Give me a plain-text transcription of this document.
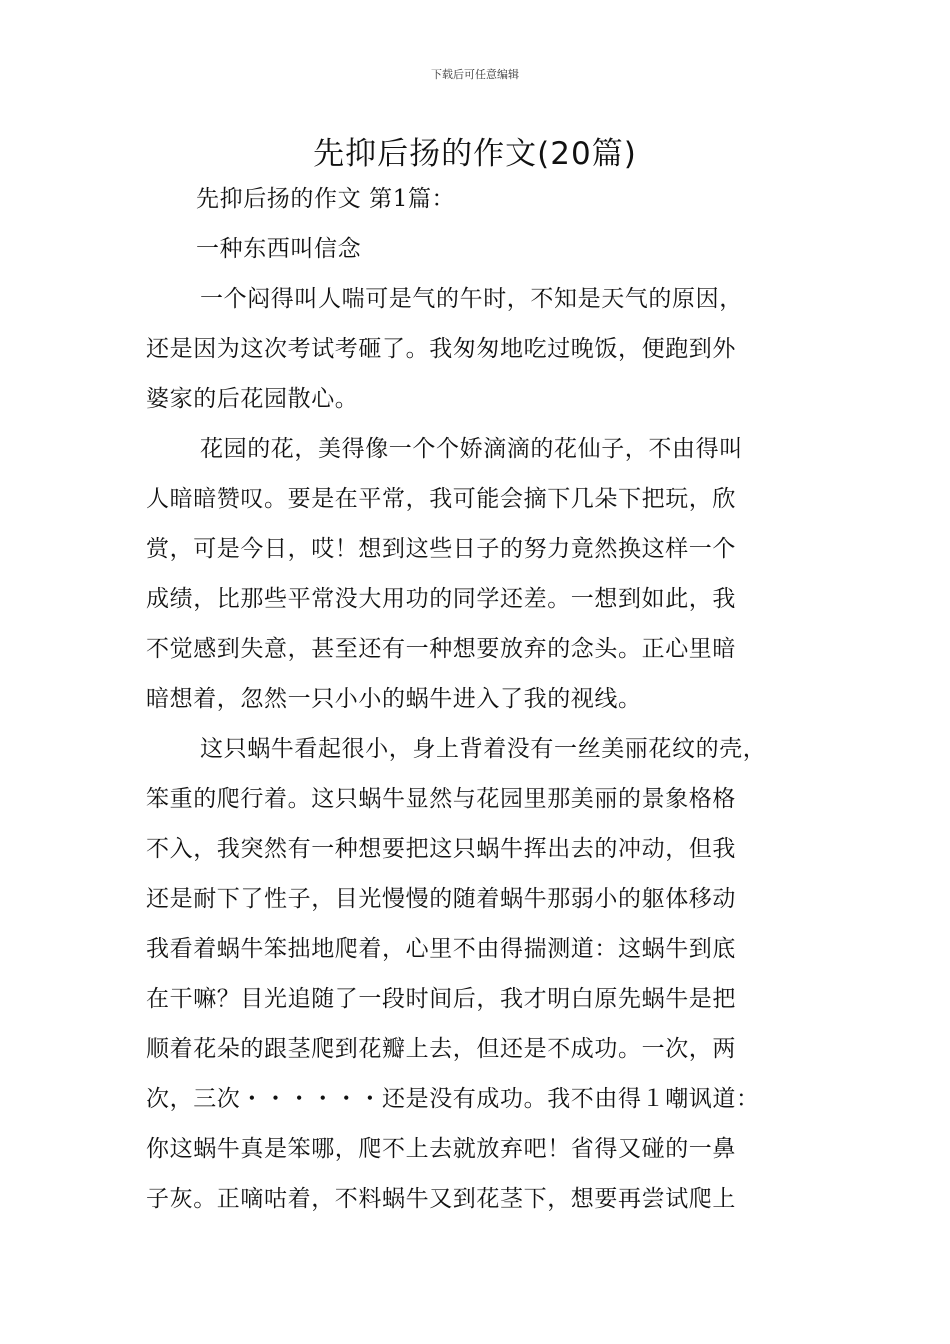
下载后可任意编辑
先抑后扬的作文(20篇)
先抑后扬的作文 第1篇：
一种东西叫信念
一个闷得叫人喘可是气的午时，不知是天气的原因，
还是因为这次考试考砸了。我匆匆地吃过晚饭，便跑到外
婆家的后花园散心。
花园的花，美得像一个个娇滴滴的花仙子，不由得叫
人暗暗赞叹。要是在平常，我可能会摘下几朵下把玩，欣
赏，可是今日，哎！想到这些日子的努力竟然换这样一个
成绩，比那些平常没大用功的同学还差。一想到如此，我
不觉感到失意，甚至还有一种想要放弃的念头。正心里暗
暗想着，忽然一只小小的蜗牛进入了我的视线。
这只蜗牛看起很小，身上背着没有一丝美丽花纹的壳，
笨重的爬行着。这只蜗牛显然与花园里那美丽的景象格格
不入，我突然有一种想要把这只蜗牛挥出去的冲动，但我
还是耐下了性子，目光慢慢的随着蜗牛那弱小的躯体移动
我看着蜗牛笨拙地爬着，心里不由得揣测道：这蜗牛到底
在干嘛？目光追随了一段时间后，我才明白原先蜗牛是把
顺着花朵的跟茎爬到花瓣上去，但还是不成功。一次，两
次，三次・・・・・・还是没有成功。我不由得１嘲讽道：
你这蜗牛真是笨哪，爬不上去就放弃吧！省得又碰的一鼻
子灰。正嘀咕着，不料蜗牛又到花茎下，想要再尝试爬上
